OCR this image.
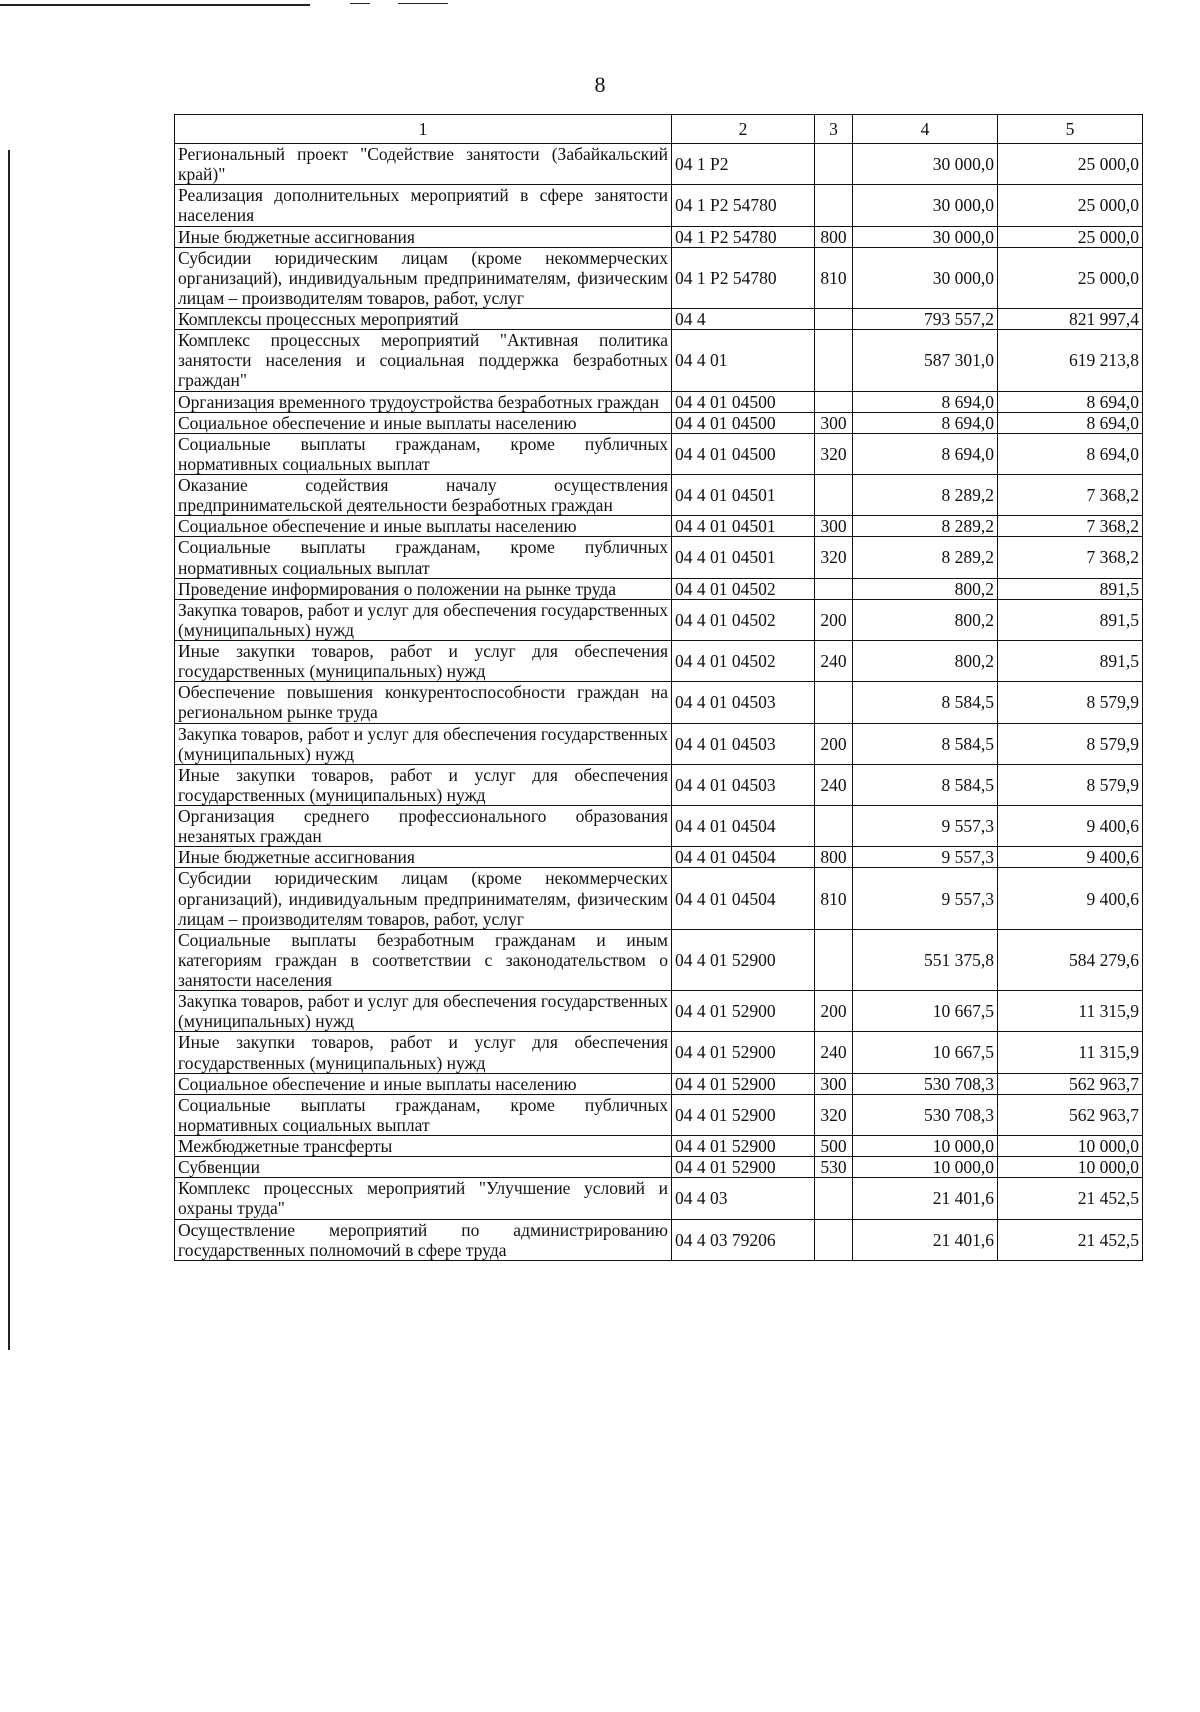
8
1	2	3	4	5
Региональный проект "Содействие занятости (Забайкальский край)"	04 1 P2		30 000,0	25 000,0
Реализация дополнительных мероприятий в сфере занятости населения	04 1 P2 54780		30 000,0	25 000,0
Иные бюджетные ассигнования	04 1 P2 54780	800	30 000,0	25 000,0
Субсидии юридическим лицам (кроме некоммерческих организаций), индивидуальным предпринимателям, физическим лицам – производителям товаров, работ, услуг	04 1 P2 54780	810	30 000,0	25 000,0
Комплексы процессных мероприятий	04 4		793 557,2	821 997,4
Комплекс процессных мероприятий "Активная политика занятости населения и социальная поддержка безработных граждан"	04 4 01		587 301,0	619 213,8
Организация временного трудоустройства безработных граждан	04 4 01 04500		8 694,0	8 694,0
Социальное обеспечение и иные выплаты населению	04 4 01 04500	300	8 694,0	8 694,0
Социальные выплаты гражданам, кроме публичных нормативных социальных выплат	04 4 01 04500	320	8 694,0	8 694,0
Оказание содействия началу осуществления предпринимательской деятельности безработных граждан	04 4 01 04501		8 289,2	7 368,2
Социальное обеспечение и иные выплаты населению	04 4 01 04501	300	8 289,2	7 368,2
Социальные выплаты гражданам, кроме публичных нормативных социальных выплат	04 4 01 04501	320	8 289,2	7 368,2
Проведение информирования о положении на рынке труда	04 4 01 04502		800,2	891,5
Закупка товаров, работ и услуг для обеспечения государственных (муниципальных) нужд	04 4 01 04502	200	800,2	891,5
Иные закупки товаров, работ и услуг для обеспечения государственных (муниципальных) нужд	04 4 01 04502	240	800,2	891,5
Обеспечение повышения конкурентоспособности граждан на региональном рынке труда	04 4 01 04503		8 584,5	8 579,9
Закупка товаров, работ и услуг для обеспечения государственных (муниципальных) нужд	04 4 01 04503	200	8 584,5	8 579,9
Иные закупки товаров, работ и услуг для обеспечения государственных (муниципальных) нужд	04 4 01 04503	240	8 584,5	8 579,9
Организация среднего профессионального образования незанятых граждан	04 4 01 04504		9 557,3	9 400,6
Иные бюджетные ассигнования	04 4 01 04504	800	9 557,3	9 400,6
Субсидии юридическим лицам (кроме некоммерческих организаций), индивидуальным предпринимателям, физическим лицам – производителям товаров, работ, услуг	04 4 01 04504	810	9 557,3	9 400,6
Социальные выплаты безработным гражданам и иным категориям граждан в соответствии с законодательством о занятости населения	04 4 01 52900		551 375,8	584 279,6
Закупка товаров, работ и услуг для обеспечения государственных (муниципальных) нужд	04 4 01 52900	200	10 667,5	11 315,9
Иные закупки товаров, работ и услуг для обеспечения государственных (муниципальных) нужд	04 4 01 52900	240	10 667,5	11 315,9
Социальное обеспечение и иные выплаты населению	04 4 01 52900	300	530 708,3	562 963,7
Социальные выплаты гражданам, кроме публичных нормативных социальных выплат	04 4 01 52900	320	530 708,3	562 963,7
Межбюджетные трансферты	04 4 01 52900	500	10 000,0	10 000,0
Субвенции	04 4 01 52900	530	10 000,0	10 000,0
Комплекс процессных мероприятий "Улучшение условий и охраны труда"	04 4 03		21 401,6	21 452,5
Осуществление мероприятий по администрированию государственных полномочий в сфере труда	04 4 03 79206		21 401,6	21 452,5
